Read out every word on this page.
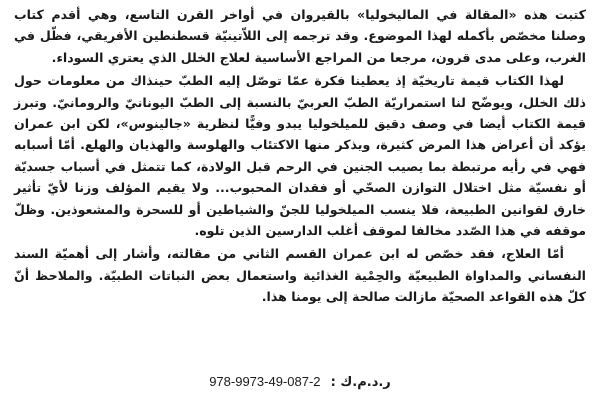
كتبت هذه «المقالة في الماليخوليا» بالقيروان في أواخر القرن التاسع، وهي أقدم كتاب وصلنا مخصّص بأكمله لهذا الموضوع. وقد ترجمه إلى اللاّتينيّة قسطنطين الأفريقي، فظّل في الغرب، وعلى مدى قرون، مرجعا من المراجع الأساسية لعلاج الخلل الذي يعتري السوداء.

لهذا الكتاب قيمة تاريخيّة إذ يعطينا فكرة عمّا توصّل إليه الطبّ حينذاك من معلومات حول ذلك الخلل، ويوضّح لنا استمراريّة الطبّ العربيّ بالنسبة إلى الطبّ اليونانيّ والرومانيّ. وتبرز قيمة الكتاب أيضا في وصف دقيق للميلخوليا يبدو وفيًّا لنظرية «جالينوس»، لكن ابن عمران يؤكد أن أعراض هذا المرض كثيرة، ويذكر منها الاكتئاب والهلوسة والهذيان والهلع. أمّا أسبابه فهي في رأيه مرتبطة بما يصيب الجنين في الرحم قبل الولادة، كما تتمثل في أسباب جسديّة أو نفسيّة مثل اختلال التوازن الصحّي أو فقدان المحبوب... ولا يقيم المؤلف وزنا لأيّ تأثير خارق لقوانين الطبيعة، فلا ينسب الميلخوليا للجنّ والشياطين أو للسحرة والمشعوذين. وظلّ موقفه في هذا الصّدد مخالفا لموقف أغلب الدارسين الذين تلوه.

أمّا العلاج، فقد خصّص له ابن عمران القسم الثاني من مقالته، وأشار إلى أهميّة السند النفساني والمداواة الطبيعيّة والحِمْية الغذائية واستعمال بعض النباتات الطبيّة. والملاحظ أنّ كلّ هذه القواعد الصحيّة مازالت صالحة إلى يومنا هذا.

ر.د.م.ك : 978-9973-49-087-2
